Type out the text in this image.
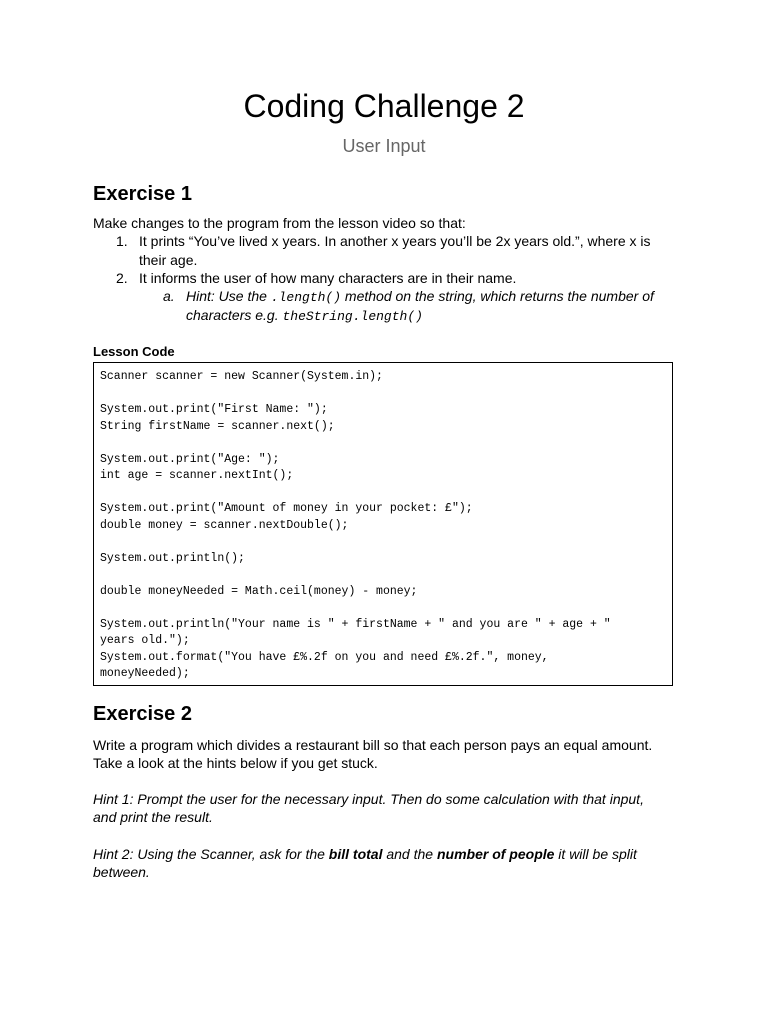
Coding Challenge 2
User Input
Exercise 1
Make changes to the program from the lesson video so that:
1. It prints “You’ve lived x years. In another x years you’ll be 2x years old.”, where x is
their age.
2. It informs the user of how many characters are in their name.
a. Hint: Use the .length() method on the string, which returns the number of
characters e.g. theString.length()
Lesson Code
Scanner scanner = new Scanner(System.in);
System.out.print("First Name: ");
String firstName = scanner.next();
System.out.print("Age: ");
int age = scanner.nextInt();
System.out.print("Amount of money in your pocket: £");
double money = scanner.nextDouble();
System.out.println();
double moneyNeeded = Math.ceil(money) - money;
System.out.println("Your name is " + firstName + " and you are " + age + "
years old.");
System.out.format("You have £%.2f on you and need £%.2f.", money,
moneyNeeded);
Exercise 2
Write a program which divides a restaurant bill so that each person pays an equal amount.
Take a look at the hints below if you get stuck.
Hint 1: Prompt the user for the necessary input. Then do some calculation with that input,
and print the result.
Hint 2: Using the Scanner, ask for the bill total and the number of people it will be split
between.
